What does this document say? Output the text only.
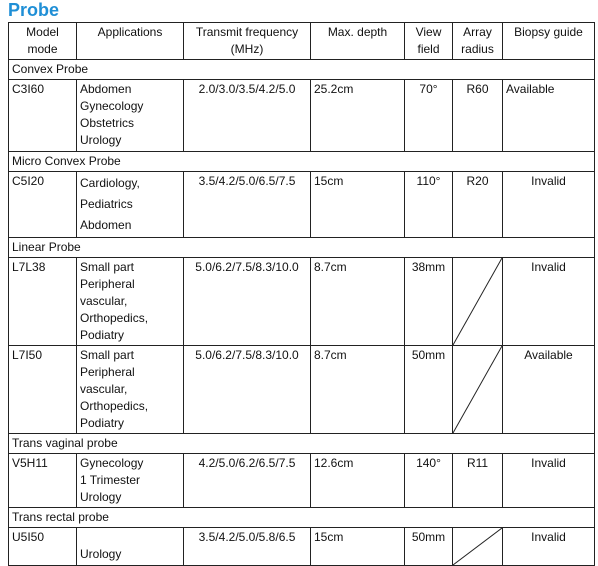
Probe
Model mode	Applications	Transmit frequency (MHz)	Max. depth	View field	Array radius	Biopsy guide
Convex Probe						
C3I60	Abdomen
Gynecology
Obstetrics
Urology	2.0/3.0/3.5/4.2/5.0	25.2cm	70°	R60	Available
Micro Convex Probe						
C5I20	Cardiology,
Pediatrics
Abdomen	3.5/4.2/5.0/6.5/7.5	15cm	110°	R20	Invalid
Linear Probe						
L7L38	Small part
Peripheral
vascular,
Orthopedics,
Podiatry	5.0/6.2/7.5/8.3/10.0	8.7cm	38mm		Invalid
L7I50	Small part
Peripheral
vascular,
Orthopedics,
Podiatry	5.0/6.2/7.5/8.3/10.0	8.7cm	50mm		Available
Trans vaginal probe						
V5H11	Gynecology
1 Trimester
Urology	4.2/5.0/6.2/6.5/7.5	12.6cm	140°	R11	Invalid
Trans rectal probe						
U5I50	Urology	3.5/4.2/5.0/5.8/6.5	15cm	50mm		Invalid
